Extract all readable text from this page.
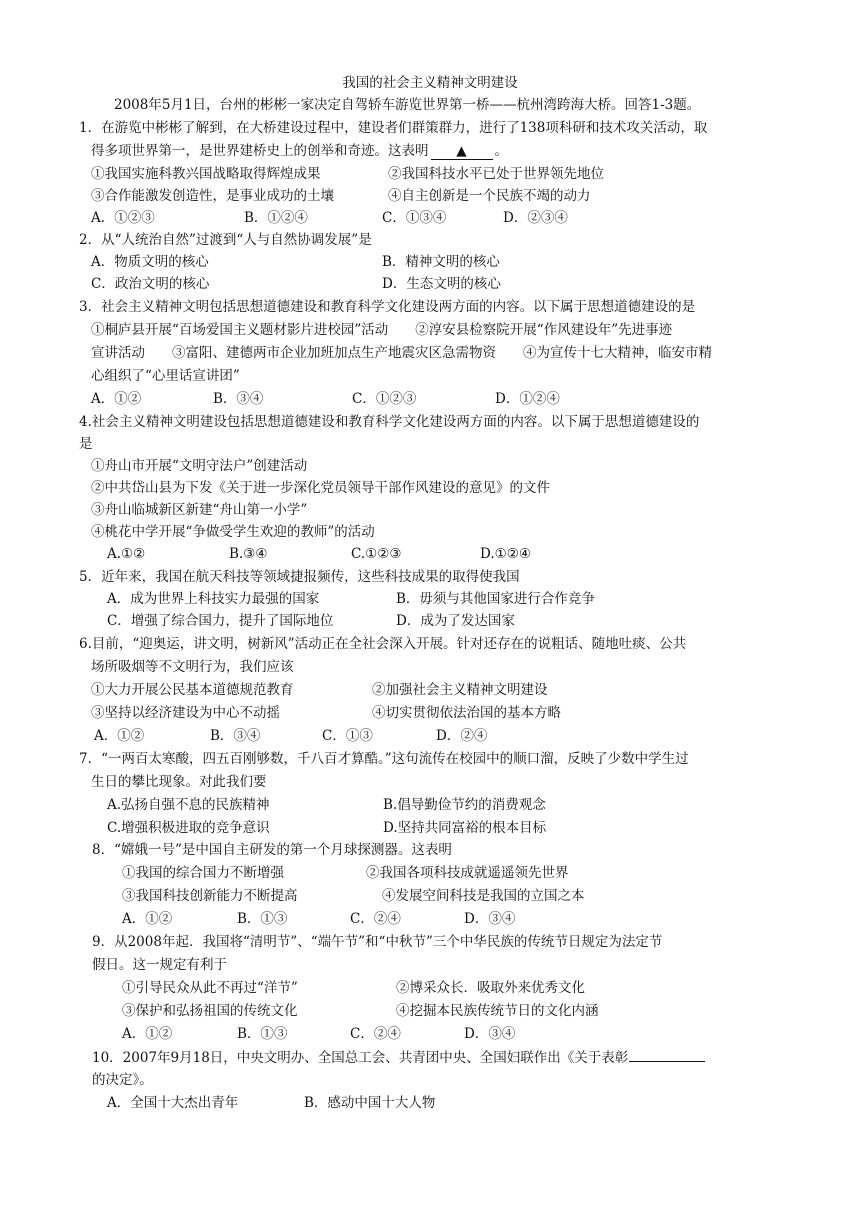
我国的社会主义精神文明建设
2008年5月1日，台州的彬彬一家决定自驾轿车游览世界第一桥——杭州湾跨海大桥。回答1-3题。
1．在游览中彬彬了解到，在大桥建设过程中，建设者们群策群力，进行了138项科研和技术攻关活动，取
得多项世界第一，是世界建桥史上的创举和奇迹。这表明 ▲ 。
①我国实施科教兴国战略取得辉煌成果	②我国科技水平已处于世界领先地位
③合作能激发创造性，是事业成功的土壤	④自主创新是一个民族不竭的动力
A．①②③	B．①②④	C．①③④	D．②③④
2．从“人统治自然”过渡到“人与自然协调发展”是
A．物质文明的核心	B．精神文明的核心
C．政治文明的核心	D．生态文明的核心
3．社会主义精神文明包括思想道德建设和教育科学文化建设两方面的内容。以下属于思想道德建设的是
①桐庐县开展“百场爱国主义题材影片进校园”活动　　②淳安县检察院开展“作风建设年”先进事迹
宣讲活动　　③富阳、建德两市企业加班加点生产地震灾区急需物资　　④为宣传十七大精神，临安市精
心组织了“心里话宣讲团”
A．①②	B．③④	C．①②③	D．①②④
4.社会主义精神文明建设包括思想道德建设和教育科学文化建设两方面的内容。以下属于思想道德建设的
是
①舟山市开展“文明守法户”创建活动
②中共岱山县为下发《关于进一步深化党员领导干部作风建设的意见》的文件
③舟山临城新区新建“舟山第一小学”
④桃花中学开展“争做受学生欢迎的教师”的活动
A.①②	B.③④	C.①②③	D.①②④
5．近年来，我国在航天科技等领域捷报频传，这些科技成果的取得使我国
A．成为世界上科技实力最强的国家	B．毋须与其他国家进行合作竞争
C．增强了综合国力，提升了国际地位	D．成为了发达国家
6.目前，“迎奥运，讲文明，树新风”活动正在全社会深入开展。针对还存在的说粗话、随地吐痰、公共
场所吸烟等不文明行为，我们应该
①大力开展公民基本道德规范教育	②加强社会主义精神文明建设
③坚持以经济建设为中心不动摇	④切实贯彻依法治国的基本方略
A．①②	B．③④	C．①③	D．②④
7．“一两百太寒酸，四五百刚够数，千八百才算酷。”这句流传在校园中的顺口溜，反映了少数中学生过
生日的攀比现象。对此我们要
A.弘扬自强不息的民族精神	B.倡导勤俭节约的消费观念
C.增强积极进取的竞争意识	D.坚持共同富裕的根本目标
8．“嫦娥一号”是中国自主研发的第一个月球探测器。这表明
①我国的综合国力不断增强	②我国各项科技成就遥遥领先世界
③我国科技创新能力不断提高	④发展空间科技是我国的立国之本
A．①②	B．①③	C．②④	D．③④
9．从2008年起．我国将“清明节”、“端午节”和“中秋节”三个中华民族的传统节日规定为法定节
假日。这一规定有利于
①引导民众从此不再过“洋节”	②博采众长．吸取外来优秀文化
③保护和弘扬祖国的传统文化	④挖掘本民族传统节日的文化内涵
A．①②	B．①③	C．②④	D．③④
10．2007年9月18日，中央文明办、全国总工会、共青团中央、全国妇联作出《关于表彰
的决定》。
A．全国十大杰出青年	B．感动中国十大人物
